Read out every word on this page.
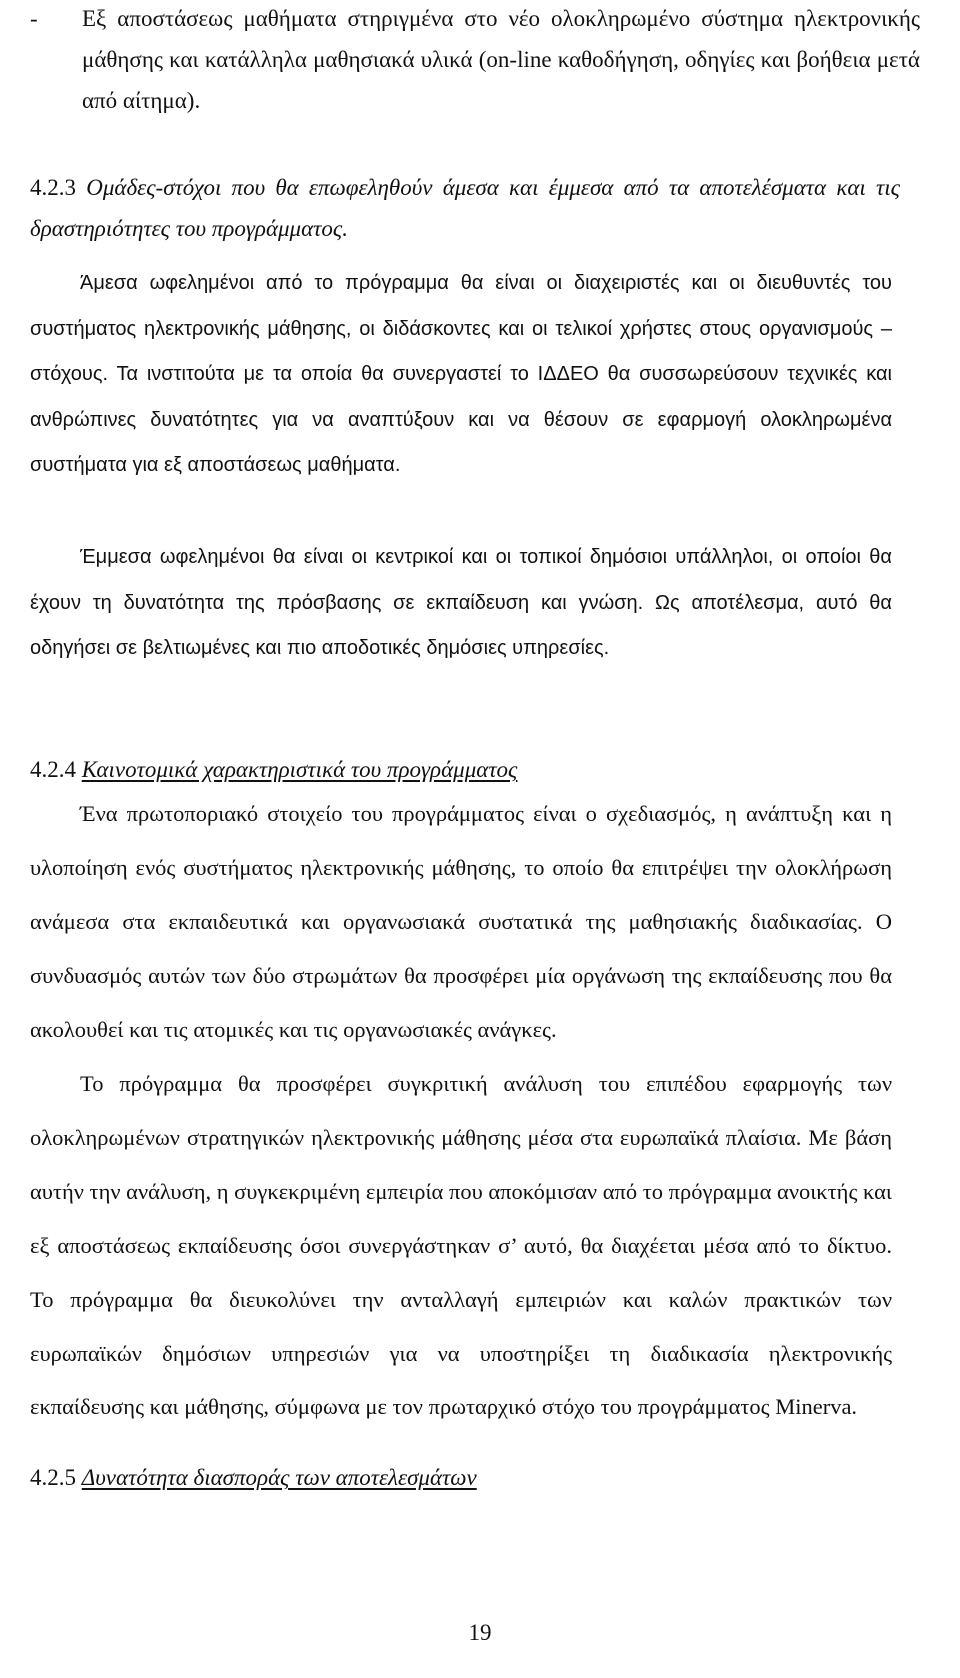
- Εξ αποστάσεως μαθήματα στηριγμένα στο νέο ολοκληρωμένο σύστημα ηλεκτρονικής μάθησης και κατάλληλα μαθησιακά υλικά (on-line καθοδήγηση, οδηγίες και βοήθεια μετά από αίτημα).
4.2.3 Ομάδες-στόχοι που θα επωφεληθούν άμεσα και έμμεσα από τα αποτελέσματα και τις δραστηριότητες του προγράμματος.

Άμεσα ωφελημένοι από το πρόγραμμα θα είναι οι διαχειριστές και οι διευθυντές του συστήματος ηλεκτρονικής μάθησης, οι διδάσκοντες και οι τελικοί χρήστες στους οργανισμούς – στόχους. Τα ινστιτούτα με τα οποία θα συνεργαστεί το ΙΔΔΕΟ θα συσσωρεύσουν τεχνικές και ανθρώπινες δυνατότητες για να αναπτύξουν και να θέσουν σε εφαρμογή ολοκληρωμένα συστήματα για εξ αποστάσεως μαθήματα.

Έμμεσα ωφελημένοι θα είναι οι κεντρικοί και οι τοπικοί δημόσιοι υπάλληλοι, οι οποίοι θα έχουν τη δυνατότητα της πρόσβασης σε εκπαίδευση και γνώση. Ως αποτέλεσμα, αυτό θα οδηγήσει σε βελτιωμένες και πιο αποδοτικές δημόσιες υπηρεσίες.

4.2.4 Καινοτομικά χαρακτηριστικά του προγράμματος

Ένα πρωτοποριακό στοιχείο του προγράμματος είναι ο σχεδιασμός, η ανάπτυξη και η υλοποίηση ενός συστήματος ηλεκτρονικής μάθησης, το οποίο θα επιτρέψει την ολοκλήρωση ανάμεσα στα εκπαιδευτικά και οργανωσιακά συστατικά της μαθησιακής διαδικασίας. Ο συνδυασμός αυτών των δύο στρωμάτων θα προσφέρει μία οργάνωση της εκπαίδευσης που θα ακολουθεί και τις ατομικές και τις οργανωσιακές ανάγκες.

Το πρόγραμμα θα προσφέρει συγκριτική ανάλυση του επιπέδου εφαρμογής των ολοκληρωμένων στρατηγικών ηλεκτρονικής μάθησης μέσα στα ευρωπαϊκά πλαίσια. Με βάση αυτήν την ανάλυση, η συγκεκριμένη εμπειρία που αποκόμισαν από το πρόγραμμα ανοικτής και εξ αποστάσεως εκπαίδευσης όσοι συνεργάστηκαν σ’ αυτό, θα διαχέεται μέσα από το δίκτυο. Το πρόγραμμα θα διευκολύνει την ανταλλαγή εμπειριών και καλών πρακτικών των ευρωπαϊκών δημόσιων υπηρεσιών για να υποστηρίξει τη διαδικασία ηλεκτρονικής εκπαίδευσης και μάθησης, σύμφωνα με τον πρωταρχικό στόχο του προγράμματος Minerva.

4.2.5 Δυνατότητα διασποράς των αποτελεσμάτων
19
